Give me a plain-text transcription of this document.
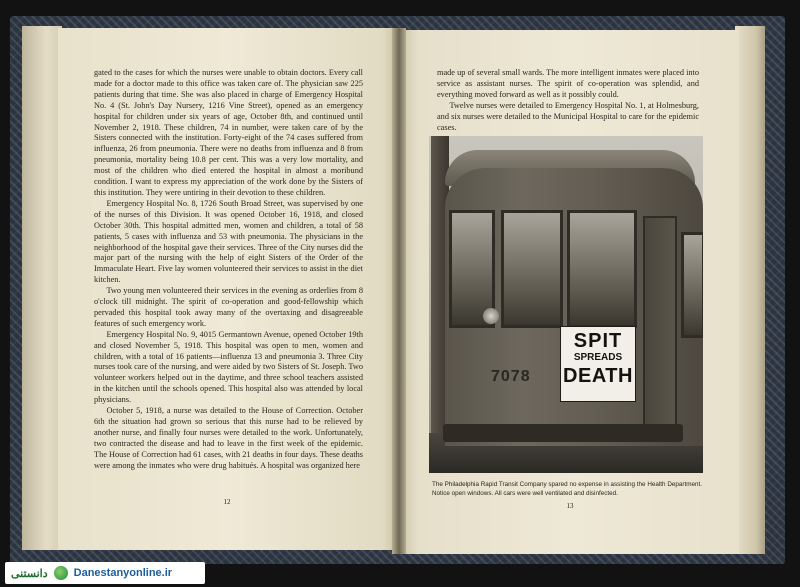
gated to the cases for which the nurses were unable to obtain doctors. Every call made for a doctor made to this office was taken care of. The physician saw 225 patients during that time. She was also placed in charge of Emergency Hospital No. 4 (St. John's Day Nursery, 1216 Vine Street), opened as an emergency hospital for children under six years of age, October 8th, and continued until November 2, 1918. These children, 74 in number, were taken care of by the Sisters connected with the institution. Forty-eight of the 74 cases suffered from influenza, 26 from pneumonia. There were no deaths from influenza and 8 from pneumonia, mortality being 10.8 per cent. This was a very low mortality, and most of the children who died entered the hospital in almost a moribund condition. I want to express my appreciation of the work done by the Sisters of this institution. They were untiring in their devotion to these children.

Emergency Hospital No. 8, 1726 South Broad Street, was supervised by one of the nurses of this Division. It was opened October 16, 1918, and closed October 30th. This hospital admitted men, women and children, a total of 58 patients, 5 cases with influenza and 53 with pneumonia. The physicians in the neighborhood of the hospital gave their services. Three of the City nurses did the major part of the nursing with the help of eight Sisters of the Order of the Immaculate Heart. Five lay women volunteered their services to assist in the diet kitchen.

Two young men volunteered their services in the evening as orderlies from 8 o'clock till midnight. The spirit of co-operation and good-fellowship which pervaded this hospital took away many of the overtaxing and disagreeable features of such emergency work.

Emergency Hospital No. 9, 4015 Germantown Avenue, opened October 19th and closed November 5, 1918. This hospital was open to men, women and children, with a total of 16 patients—influenza 13 and pneumonia 3. Three City nurses took care of the nursing, and were aided by two Sisters of St. Joseph. Two volunteer workers helped out in the daytime, and three school teachers assisted in the kitchen until the schools opened. This hospital also was attended by local physicians.

October 5, 1918, a nurse was detailed to the House of Correction. October 6th the situation had grown so serious that this nurse had to be relieved by another nurse, and finally four nurses were detailed to the work. Unfortunately, two contracted the disease and had to leave in the first week of the epidemic. The House of Correction had 61 cases, with 21 deaths in four days. These deaths were among the inmates who were drug habitués. A hospital was organized here

12

made up of several small wards. The more intelligent inmates were placed into service as assistant nurses. The spirit of co-operation was splendid, and everything moved forward as well as it possibly could.

Twelve nurses were detailed to Emergency Hospital No. 1, at Holmesburg, and six nurses were detailed to the Municipal Hospital to care for the epidemic cases.

13
7078
SPIT
SPREADS
DEATH
The Philadelphia Rapid Transit Company spared no expense in assisting the Health Department. Notice open windows. All cars were well ventilated and disinfected.
دانستنی Danestanyonline.ir
